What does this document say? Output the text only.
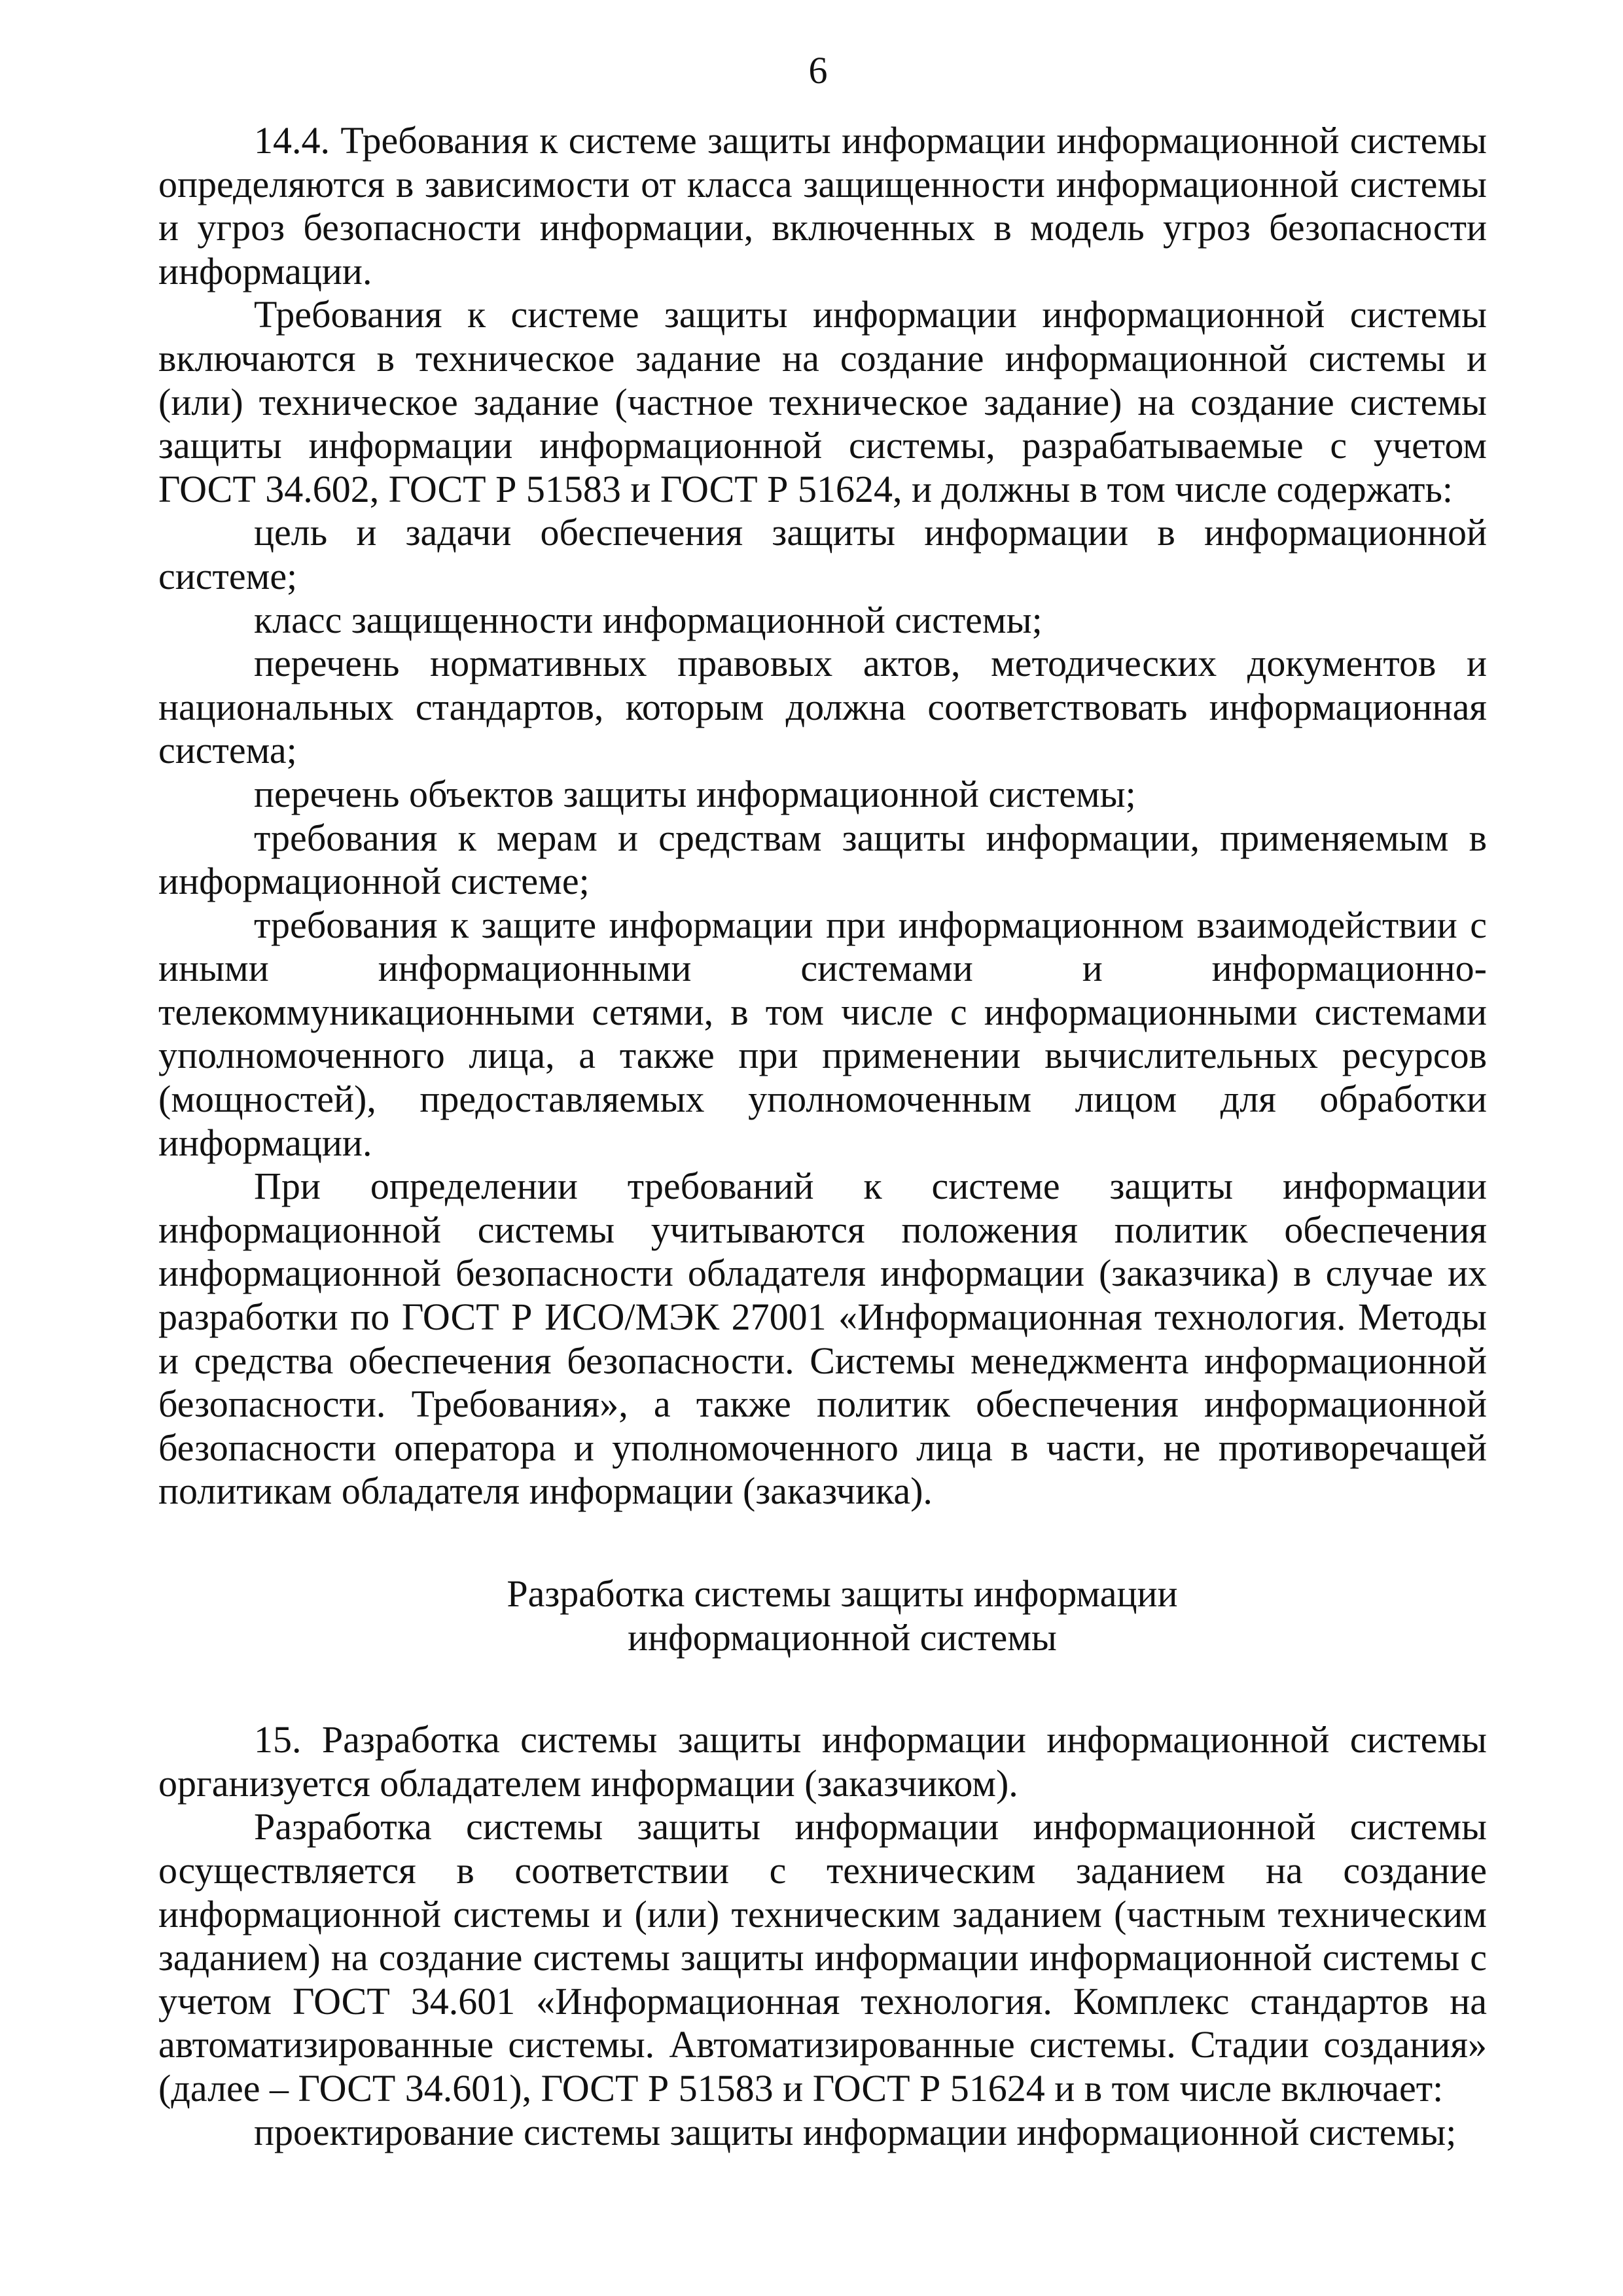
6

14.4. Требования к системе защиты информации информационной системы определяются в зависимости от класса защищенности информационной системы и угроз безопасности информации, включенных в модель угроз безопасности информации.

Требования к системе защиты информации информационной системы включаются в техническое задание на создание информационной системы и (или) техническое задание (частное техническое задание) на создание системы защиты информации информационной системы, разрабатываемые с учетом ГОСТ 34.602, ГОСТ Р 51583 и ГОСТ Р 51624, и должны в том числе содержать:

цель и задачи обеспечения защиты информации в информационной системе;

класс защищенности информационной системы;

перечень нормативных правовых актов, методических документов и национальных стандартов, которым должна соответствовать информационная система;

перечень объектов защиты информационной системы;

требования к мерам и средствам защиты информации, применяемым в информационной системе;

требования к защите информации при информационном взаимодействии с иными информационными системами и информационно-телекоммуникационными сетями, в том числе с информационными системами уполномоченного лица, а также при применении вычислительных ресурсов (мощностей), предоставляемых уполномоченным лицом для обработки информации.

При определении требований к системе защиты информации информационной системы учитываются положения политик обеспечения информационной безопасности обладателя информации (заказчика) в случае их разработки по ГОСТ Р ИСО/МЭК 27001 «Информационная технология. Методы и средства обеспечения безопасности. Системы менеджмента информационной безопасности. Требования», а также политик обеспечения информационной безопасности оператора и уполномоченного лица в части, не противоречащей политикам обладателя информации (заказчика).

Разработка системы защиты информации
информационной системы

15. Разработка системы защиты информации информационной системы организуется обладателем информации (заказчиком).

Разработка системы защиты информации информационной системы осуществляется в соответствии с техническим заданием на создание информационной системы и (или) техническим заданием (частным техническим заданием) на создание системы защиты информации информационной системы с учетом ГОСТ 34.601 «Информационная технология. Комплекс стандартов на автоматизированные системы. Автоматизированные системы. Стадии создания» (далее – ГОСТ 34.601), ГОСТ Р 51583 и ГОСТ Р 51624 и в том числе включает:

проектирование системы защиты информации информационной системы;
